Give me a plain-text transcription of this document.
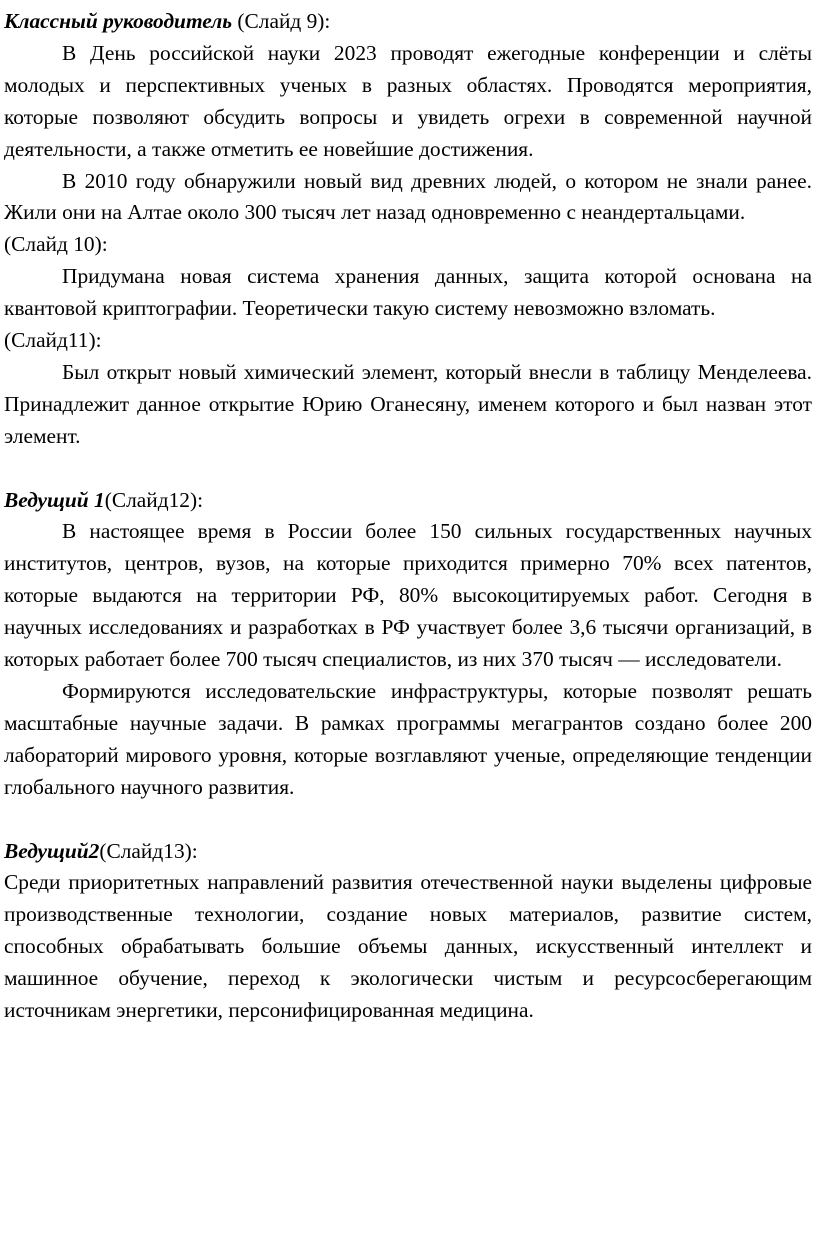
Классный руководитель (Слайд 9):

В День российской науки 2023 проводят ежегодные конференции и слёты молодых и перспективных ученых в разных областях. Проводятся мероприятия, которые позволяют обсудить вопросы и увидеть огрехи в современной научной деятельности, а также отметить ее новейшие достижения.

В 2010 году обнаружили новый вид древних людей, о котором не знали ранее. Жили они на Алтае около 300 тысяч лет назад одновременно с неандертальцами.

(Слайд 10):

Придумана новая система хранения данных, защита которой основана на квантовой криптографии. Теоретически такую систему невозможно взломать.

(Слайд11):

Был открыт новый химический элемент, который внесли в таблицу Менделеева. Принадлежит данное открытие Юрию Оганесяну, именем которого и был назван этот элемент.

Ведущий 1(Слайд12):

В настоящее время в России более 150 сильных государственных научных институтов, центров, вузов, на которые приходится примерно 70% всех патентов, которые выдаются на территории РФ, 80% высокоцитируемых работ. Сегодня в научных исследованиях и разработках в РФ участвует более 3,6 тысячи организаций, в которых работает более 700 тысяч специалистов, из них 370 тысяч — исследователи.

Формируются исследовательские инфраструктуры, которые позволят решать масштабные научные задачи. В рамках программы мегагрантов создано более 200 лабораторий мирового уровня, которые возглавляют ученые, определяющие тенденции глобального научного развития.

Ведущий2(Слайд13):

Среди приоритетных направлений развития отечественной науки выделены цифровые производственные технологии, создание новых материалов, развитие систем, способных обрабатывать большие объемы данных, искусственный интеллект и машинное обучение, переход к экологически чистым и ресурсосберегающим источникам энергетики, персонифицированная медицина.
